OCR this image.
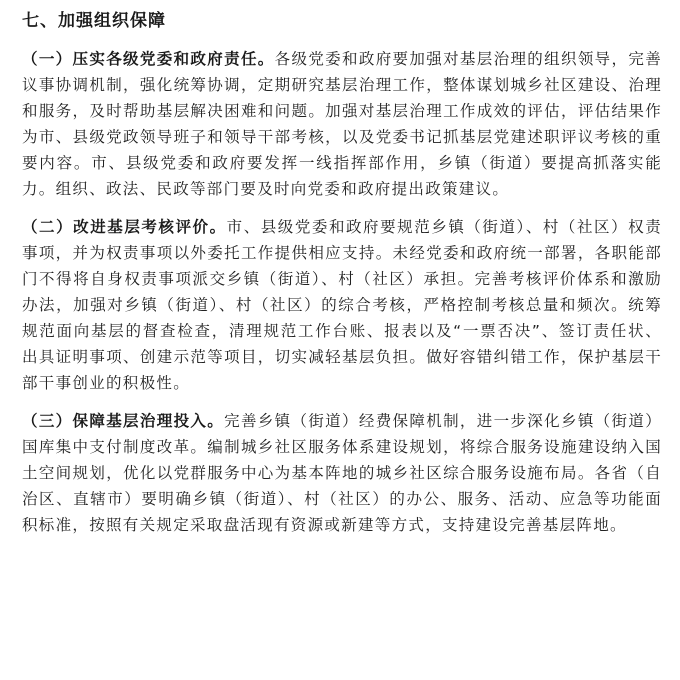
七、加强组织保障

（一）压实各级党委和政府责任。各级党委和政府要加强对基层治理的组织领导，完善议事协调机制，强化统筹协调，定期研究基层治理工作，整体谋划城乡社区建设、治理和服务，及时帮助基层解决困难和问题。加强对基层治理工作成效的评估，评估结果作为市、县级党政领导班子和领导干部考核，以及党委书记抓基层党建述职评议考核的重要内容。市、县级党委和政府要发挥一线指挥部作用，乡镇（街道）要提高抓落实能力。组织、政法、民政等部门要及时向党委和政府提出政策建议。

（二）改进基层考核评价。市、县级党委和政府要规范乡镇（街道）、村（社区）权责事项，并为权责事项以外委托工作提供相应支持。未经党委和政府统一部署，各职能部门不得将自身权责事项派交乡镇（街道）、村（社区）承担。完善考核评价体系和激励办法，加强对乡镇（街道）、村（社区）的综合考核，严格控制考核总量和频次。统筹规范面向基层的督查检查，清理规范工作台账、报表以及“一票否决”、签订责任状、出具证明事项、创建示范等项目，切实减轻基层负担。做好容错纠错工作，保护基层干部干事创业的积极性。

（三）保障基层治理投入。完善乡镇（街道）经费保障机制，进一步深化乡镇（街道）国库集中支付制度改革。编制城乡社区服务体系建设规划，将综合服务设施建设纳入国土空间规划，优化以党群服务中心为基本阵地的城乡社区综合服务设施布局。各省（自治区、直辖市）要明确乡镇（街道）、村（社区）的办公、服务、活动、应急等功能面积标准，按照有关规定采取盘活现有资源或新建等方式，支持建设完善基层阵地。
